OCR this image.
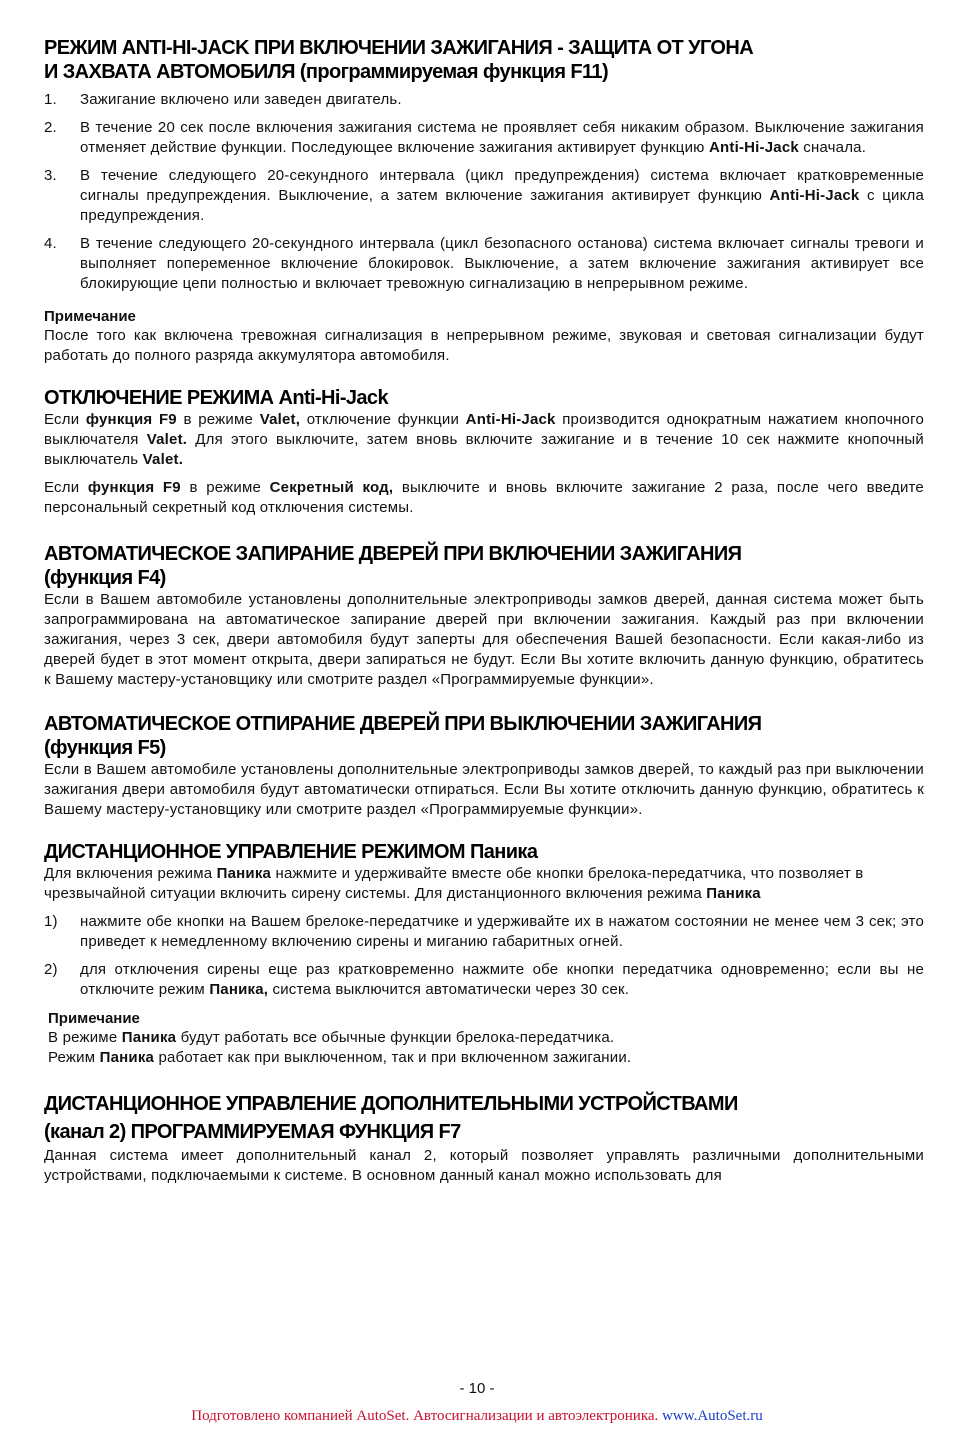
РЕЖИМ ANTI-HI-JACK ПРИ ВКЛЮЧЕНИИ ЗАЖИГАНИЯ - ЗАЩИТА ОТ УГОНА
И ЗАХВАТА АВТОМОБИЛЯ (программируемая функция F11)
1. Зажигание включено или заведен двигатель.
2. В течение 20 сек после включения зажигания система не проявляет себя никаким образом. Выключение зажигания отменяет действие функции. Последующее включение зажигания активирует функцию Anti-Hi-Jack сначала.
3. В течение следующего 20-секундного интервала (цикл предупреждения) система включает кратковременные сигналы предупреждения. Выключение, а затем включение зажигания активирует функцию Anti-Hi-Jack с цикла предупреждения.
4. В течение следующего 20-секундного интервала (цикл безопасного останова) система включает сигналы тревоги и выполняет попеременное включение блокировок. Выключение, а затем включение зажигания активирует все блокирующие цепи полностью и включает тревожную сигнализацию в непрерывном режиме.
Примечание

После того как включена тревожная сигнализация в непрерывном режиме, звуковая и световая сигнализации будут работать до полного разряда аккумулятора автомобиля.

ОТКЛЮЧЕНИЕ РЕЖИМА Anti-Hi-Jack

Если функция F9 в режиме Valet, отключение функции Anti-Hi-Jack производится однократным нажатием кнопочного выключателя Valet. Для этого выключите, затем вновь включите зажигание и в течение 10 сек нажмите кнопочный выключатель Valet.

Если функция F9 в режиме Секретный код, выключите и вновь включите зажигание 2 раза, после чего введите персональный секретный код отключения системы.

АВТОМАТИЧЕСКОЕ ЗАПИРАНИЕ ДВЕРЕЙ ПРИ ВКЛЮЧЕНИИ ЗАЖИГАНИЯ
(функция F4)

Если в Вашем автомобиле установлены дополнительные электроприводы замков дверей, данная система может быть запрограммирована на автоматическое запирание дверей при включении зажигания. Каждый раз при включении зажигания, через 3 сек, двери автомобиля будут заперты для обеспечения Вашей безопасности. Если какая-либо из дверей будет в этот момент открыта, двери запираться не будут. Если Вы хотите включить данную функцию, обратитесь к Вашему мастеру-установщику или смотрите раздел «Программируемые функции».

АВТОМАТИЧЕСКОЕ ОТПИРАНИЕ ДВЕРЕЙ ПРИ ВЫКЛЮЧЕНИИ ЗАЖИГАНИЯ
(функция F5)

Если в Вашем автомобиле установлены дополнительные электроприводы замков дверей, то каждый раз при выключении зажигания двери автомобиля будут автоматически отпираться. Если Вы хотите отключить данную функцию, обратитесь к Вашему мастеру-установщику или смотрите раздел «Программируемые функции».

ДИСТАНЦИОННОЕ УПРАВЛЕНИЕ РЕЖИМОМ Паника

Для включения режима Паника нажмите и удерживайте вместе обе кнопки брелока-передатчика, что позволяет в чрезвычайной ситуации включить сирену системы. Для дистанционного включения режима Паника

1) нажмите обе кнопки на Вашем брелоке-передатчике и удерживайте их в нажатом состоянии не менее чем 3 сек; это приведет к немедленному включению сирены и миганию габаритных огней.
2) для отключения сирены еще раз кратковременно нажмите обе кнопки передатчика одновременно; если вы не отключите режим Паника, система выключится автоматически через 30 сек.
Примечание

В режиме Паника будут работать все обычные функции брелока-передатчика.

Режим Паника работает как при выключенном, так и при включенном зажигании.

ДИСТАНЦИОННОЕ УПРАВЛЕНИЕ ДОПОЛНИТЕЛЬНЫМИ УСТРОЙСТВАМИ
(канал 2) ПРОГРАММИРУЕМАЯ ФУНКЦИЯ F7

Данная система имеет дополнительный канал 2, который позволяет управлять различными дополнительными устройствами, подключаемыми к системе. В основном данный канал можно использовать для

- 10 -
Подготовлено компанией AutoSet. Автосигнализации и автоэлектроника. www.AutoSet.ru
